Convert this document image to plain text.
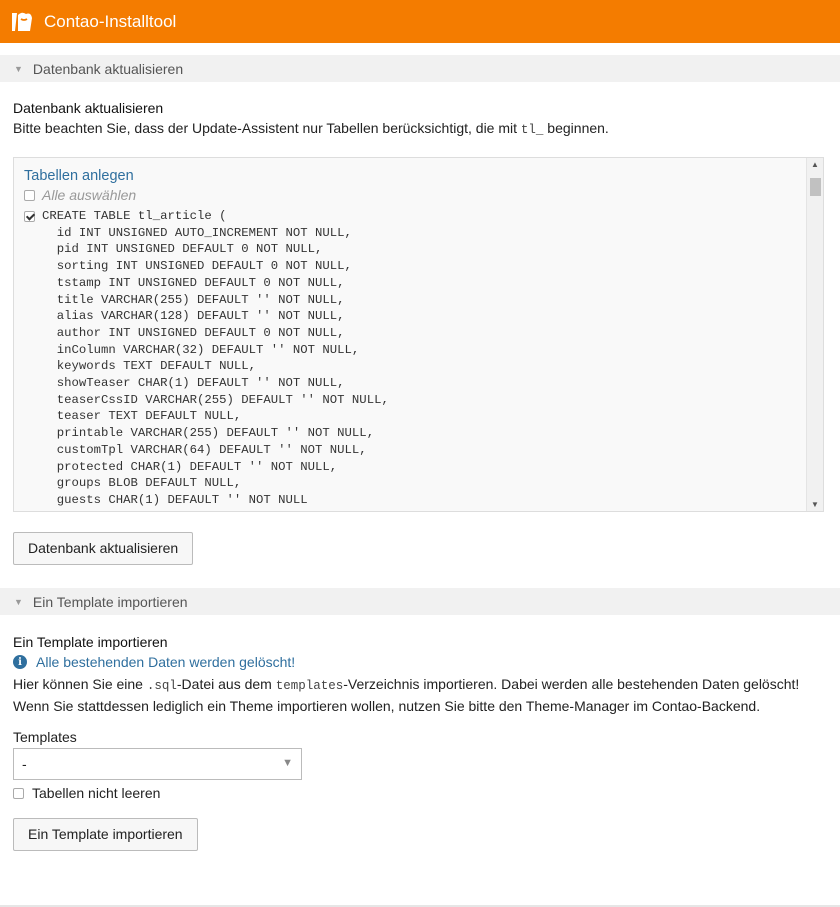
Contao-Installtool
▼ Datenbank aktualisieren
Datenbank aktualisieren

Bitte beachten Sie, dass der Update-Assistent nur Tabellen berücksichtigt, die mit tl_ beginnen.

Tabellen anlegen
Alle auswählen
CREATE TABLE tl_article (
id INT UNSIGNED AUTO_INCREMENT NOT NULL,
pid INT UNSIGNED DEFAULT 0 NOT NULL,
sorting INT UNSIGNED DEFAULT 0 NOT NULL,
tstamp INT UNSIGNED DEFAULT 0 NOT NULL,
title VARCHAR(255) DEFAULT '' NOT NULL,
alias VARCHAR(128) DEFAULT '' NOT NULL,
author INT UNSIGNED DEFAULT 0 NOT NULL,
inColumn VARCHAR(32) DEFAULT '' NOT NULL,
keywords TEXT DEFAULT NULL,
showTeaser CHAR(1) DEFAULT '' NOT NULL,
teaserCssID VARCHAR(255) DEFAULT '' NOT NULL,
teaser TEXT DEFAULT NULL,
printable VARCHAR(255) DEFAULT '' NOT NULL,
customTpl VARCHAR(64) DEFAULT '' NOT NULL,
protected CHAR(1) DEFAULT '' NOT NULL,
groups BLOB DEFAULT NULL,
guests CHAR(1) DEFAULT '' NOT NULL
▲
▼
Datenbank aktualisieren
▼ Ein Template importieren
Ein Template importieren
i	Alle bestehenden Daten werden gelöscht!

Hier können Sie eine .sql-Datei aus dem templates-Verzeichnis importieren. Dabei werden alle bestehenden Daten gelöscht! Wenn Sie stattdessen lediglich ein Theme importieren wollen, nutzen Sie bitte den Theme-Manager im Contao-Backend.

Templates
-	▼
Tabellen nicht leeren
Ein Template importieren
